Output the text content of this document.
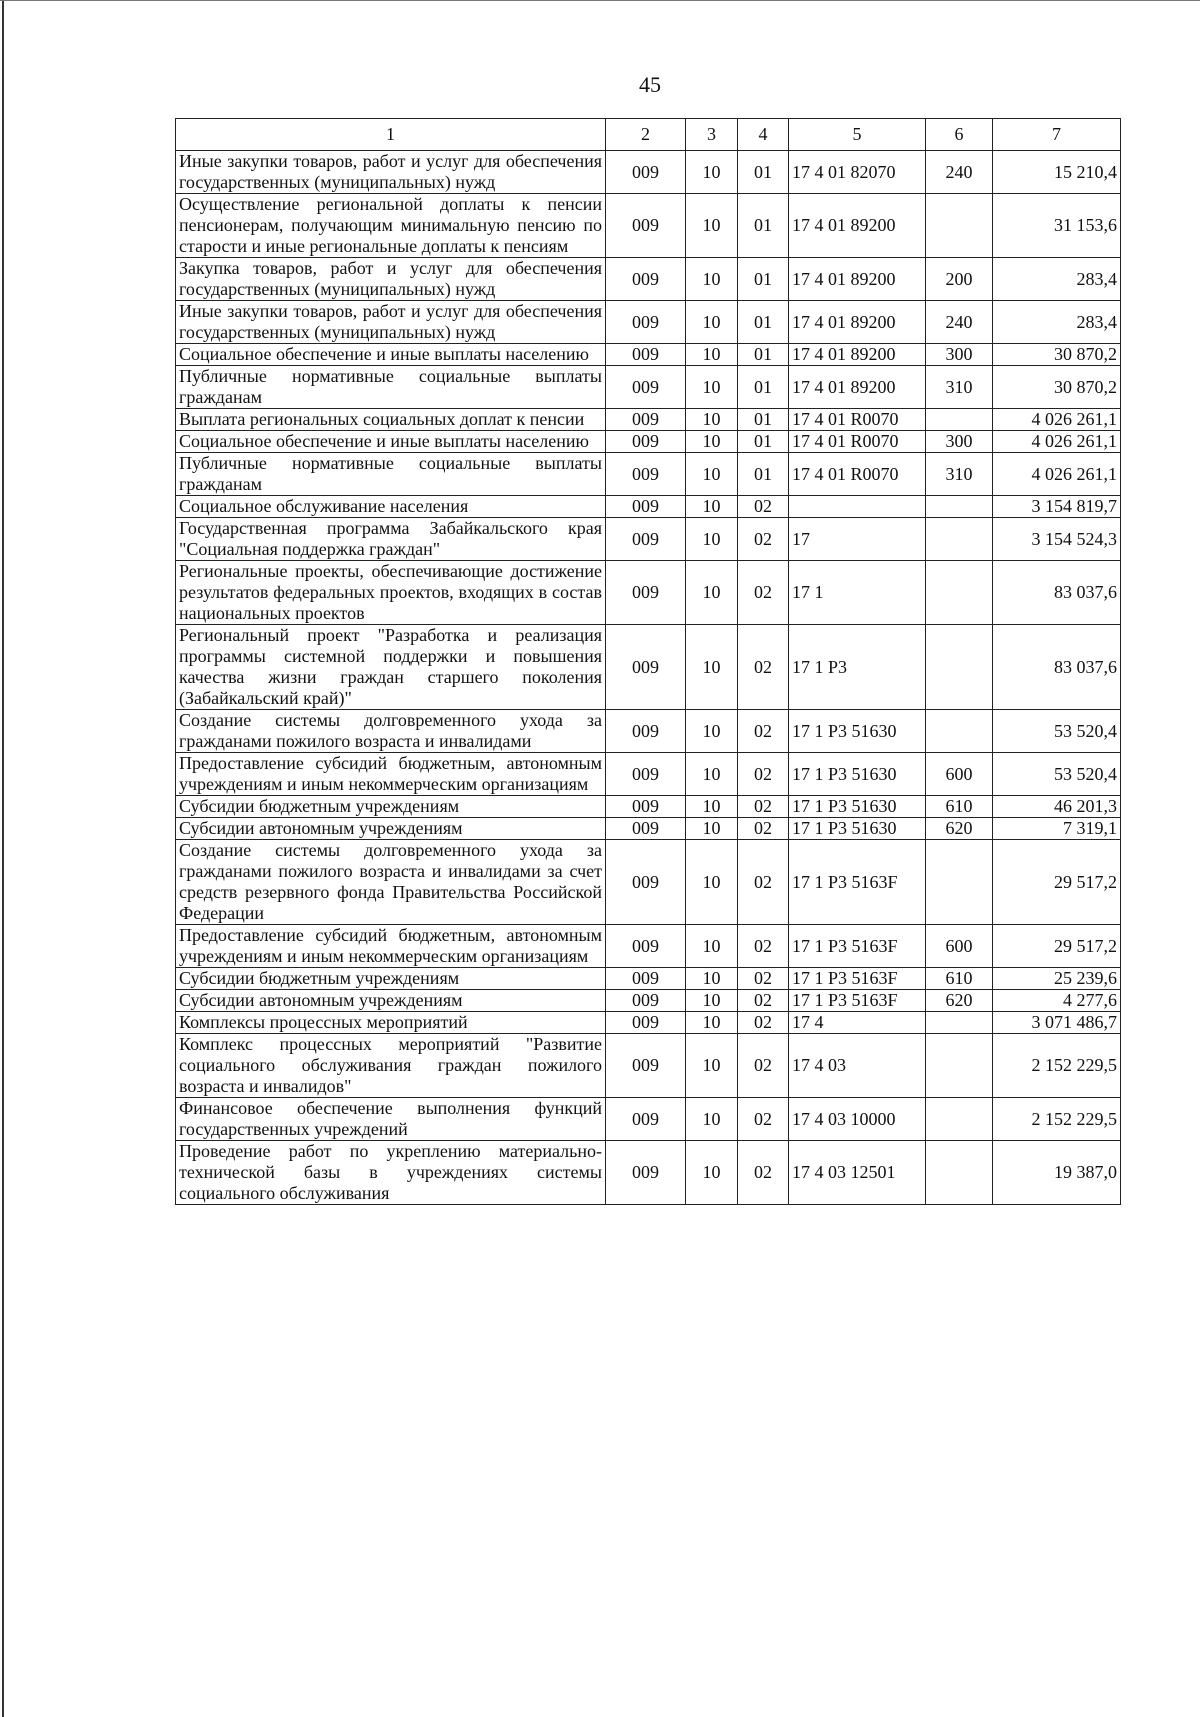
45
1	2	3	4	5	6	7
Иные закупки товаров, работ и услуг для обеспечения государственных (муниципальных) нужд	009	10	01	17 4 01 82070	240	15 210,4
Осуществление региональной доплаты к пенсии пенсионерам, получающим минимальную пенсию по старости и иные региональные доплаты к пенсиям	009	10	01	17 4 01 89200		31 153,6
Закупка товаров, работ и услуг для обеспечения государственных (муниципальных) нужд	009	10	01	17 4 01 89200	200	283,4
Иные закупки товаров, работ и услуг для обеспечения государственных (муниципальных) нужд	009	10	01	17 4 01 89200	240	283,4
Социальное обеспечение и иные выплаты населению	009	10	01	17 4 01 89200	300	30 870,2
Публичные нормативные социальные выплаты гражданам	009	10	01	17 4 01 89200	310	30 870,2
Выплата региональных социальных доплат к пенсии	009	10	01	17 4 01 R0070		4 026 261,1
Социальное обеспечение и иные выплаты населению	009	10	01	17 4 01 R0070	300	4 026 261,1
Публичные нормативные социальные выплаты гражданам	009	10	01	17 4 01 R0070	310	4 026 261,1
Социальное обслуживание населения	009	10	02			3 154 819,7
Государственная программа Забайкальского края "Социальная поддержка граждан"	009	10	02	17		3 154 524,3
Региональные проекты, обеспечивающие достижение результатов федеральных проектов, входящих в состав национальных проектов	009	10	02	17 1		83 037,6
Региональный проект "Разработка и реализация программы системной поддержки и повышения качества жизни граждан старшего поколения (Забайкальский край)"	009	10	02	17 1 P3		83 037,6
Создание системы долговременного ухода за гражданами пожилого возраста и инвалидами	009	10	02	17 1 P3 51630		53 520,4
Предоставление субсидий бюджетным, автономным учреждениям и иным некоммерческим организациям	009	10	02	17 1 P3 51630	600	53 520,4
Субсидии бюджетным учреждениям	009	10	02	17 1 P3 51630	610	46 201,3
Субсидии автономным учреждениям	009	10	02	17 1 P3 51630	620	7 319,1
Создание системы долговременного ухода за гражданами пожилого возраста и инвалидами за счет средств резервного фонда Правительства Российской Федерации	009	10	02	17 1 P3 5163F		29 517,2
Предоставление субсидий бюджетным, автономным учреждениям и иным некоммерческим организациям	009	10	02	17 1 P3 5163F	600	29 517,2
Субсидии бюджетным учреждениям	009	10	02	17 1 P3 5163F	610	25 239,6
Субсидии автономным учреждениям	009	10	02	17 1 P3 5163F	620	4 277,6
Комплексы процессных мероприятий	009	10	02	17 4		3 071 486,7
Комплекс процессных мероприятий "Развитие социального обслуживания граждан пожилого возраста и инвалидов"	009	10	02	17 4 03		2 152 229,5
Финансовое обеспечение выполнения функций государственных учреждений	009	10	02	17 4 03 10000		2 152 229,5
Проведение работ по укреплению материально-технической базы в учреждениях системы социального обслуживания	009	10	02	17 4 03 12501		19 387,0
